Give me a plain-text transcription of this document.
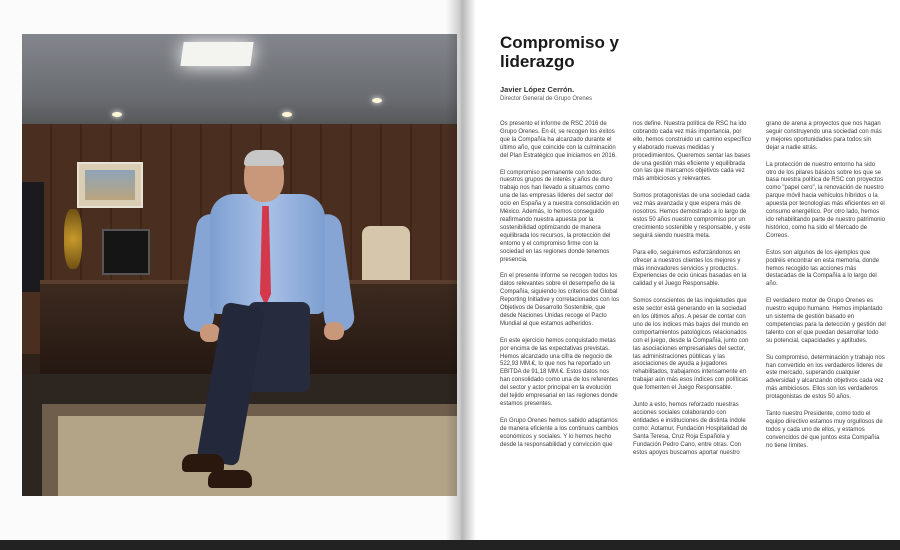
Compromiso y liderazgo
Javier López Cerrón.
Director General de Grupo Orenes

Os presento el informe de RSC 2016 de Grupo Orenes. En él, se recogen los éxitos que la Compañía ha alcanzado durante el último año, que coincide con la culminación del Plan Estratégico que iniciamos en 2016.

El compromiso permanente con todos nuestros grupos de interés y años de duro trabajo nos han llevado a situarnos como una de las empresas líderes del sector del ocio en España y a nuestra consolidación en México. Además, lo hemos conseguido reafirmando nuestra apuesta por la sostenibilidad optimizando de manera equilibrada los recursos, la protección del entorno y el compromiso firme con la sociedad en las regiones donde tenemos presencia.

En el presente informe se recogen todos los datos relevantes sobre el desempeño de la Compañía, siguiendo los criterios del Global Reporting Initiative y correlacionados con los Objetivos de Desarrollo Sostenible, que desde Naciones Unidas recoge el Pacto Mundial al que estamos adheridos.

En este ejercicio hemos conquistado metas por encima de las expectativas previstas. Hemos alcanzado una cifra de negocio de 522,93 MM.€, lo que nos ha reportado un EBITDA de 91,18 MM.€. Estos datos nos han consolidado como una de los referentes del sector y actor principal en la evolución del tejido empresarial en las regiones donde estamos presentes.

En Grupo Orenes hemos sabido adaptarnos de manera eficiente a los continuos cambios económicos y sociales. Y lo hemos hecho desde la responsabilidad y convicción que

nos define. Nuestra política de RSC ha ido cobrando cada vez más importancia, por ello, hemos construido un camino específico y elaborado nuevas medidas y procedimientos. Queremos sentar las bases de una gestión más eficiente y equilibrada con las que marcarnos objetivos cada vez más ambiciosos y relevantes.

Somos protagonistas de una sociedad cada vez más avanzada y que espera más de nosotros. Hemos demostrado a lo largo de estos 50 años nuestro compromiso por un crecimiento sostenible y responsable, y este seguirá siendo nuestra meta.

Para ello, seguiremos esforzándonos en ofrecer a nuestros clientes los mejores y más innovadores servicios y productos. Experiencias de ocio únicas basadas en la calidad y el Juego Responsable.

Somos conscientes de las inquietudes que este sector está generando en la sociedad en los últimos años. A pesar de contar con uno de los índices más bajos del mundo en comportamientos patológicos relacionados con el juego, desde la Compañía, junto con las asociaciones empresariales del sector, las administraciones públicas y las asociaciones de ayuda a jugadores rehabilitados, trabajamos intensamente en trabajar aún más esos índices con políticas que fomenten el Juego Responsable.

Junto a esto, hemos reforzado nuestras acciones sociales colaborando con entidades e instituciones de distinta índole como: Aotamur, Fundación Hospitalidad de Santa Teresa, Cruz Roja Española y Fundación Pedro Cano, entre otras. Con estos apoyos buscamos aportar nuestro

grano de arena a proyectos que nos hagan seguir construyendo una sociedad con más y mejores oportunidades para todos sin dejar a nadie atrás.

La protección de nuestro entorno ha sido otro de los pilares básicos sobre los que se basa nuestra política de RSC con proyectos como "papel cero", la renovación de nuestro parque móvil hacia vehículos híbridos o la apuesta por tecnologías más eficientes en el consumo energético. Por otro lado, hemos ido rehabilitando parte de nuestro patrimonio histórico, como ha sido el Mercado de Correos.

Estos son algunos de los ejemplos que podréis encontrar en esta memoria, donde hemos recogido las acciones más destacadas de la Compañía a lo largo del año.

El verdadero motor de Grupo Orenes es nuestro equipo humano. Hemos implantado un sistema de gestión basado en competencias para la detección y gestión del talento con el que puedan desarrollar todo su potencial, capacidades y aptitudes.

Su compromiso, determinación y trabajo nos han convertido en los verdaderos líderes de este mercado, superando cualquier adversidad y alcanzando objetivos cada vez más ambiciosos. Ellos son los verdaderos protagonistas de estos 50 años.

Tanto nuestro Presidente, como todo el equipo directivo estamos muy orgullosos de todos y cada uno de ellos, y estamos convencidos de que juntos esta Compañía no tiene límites.
